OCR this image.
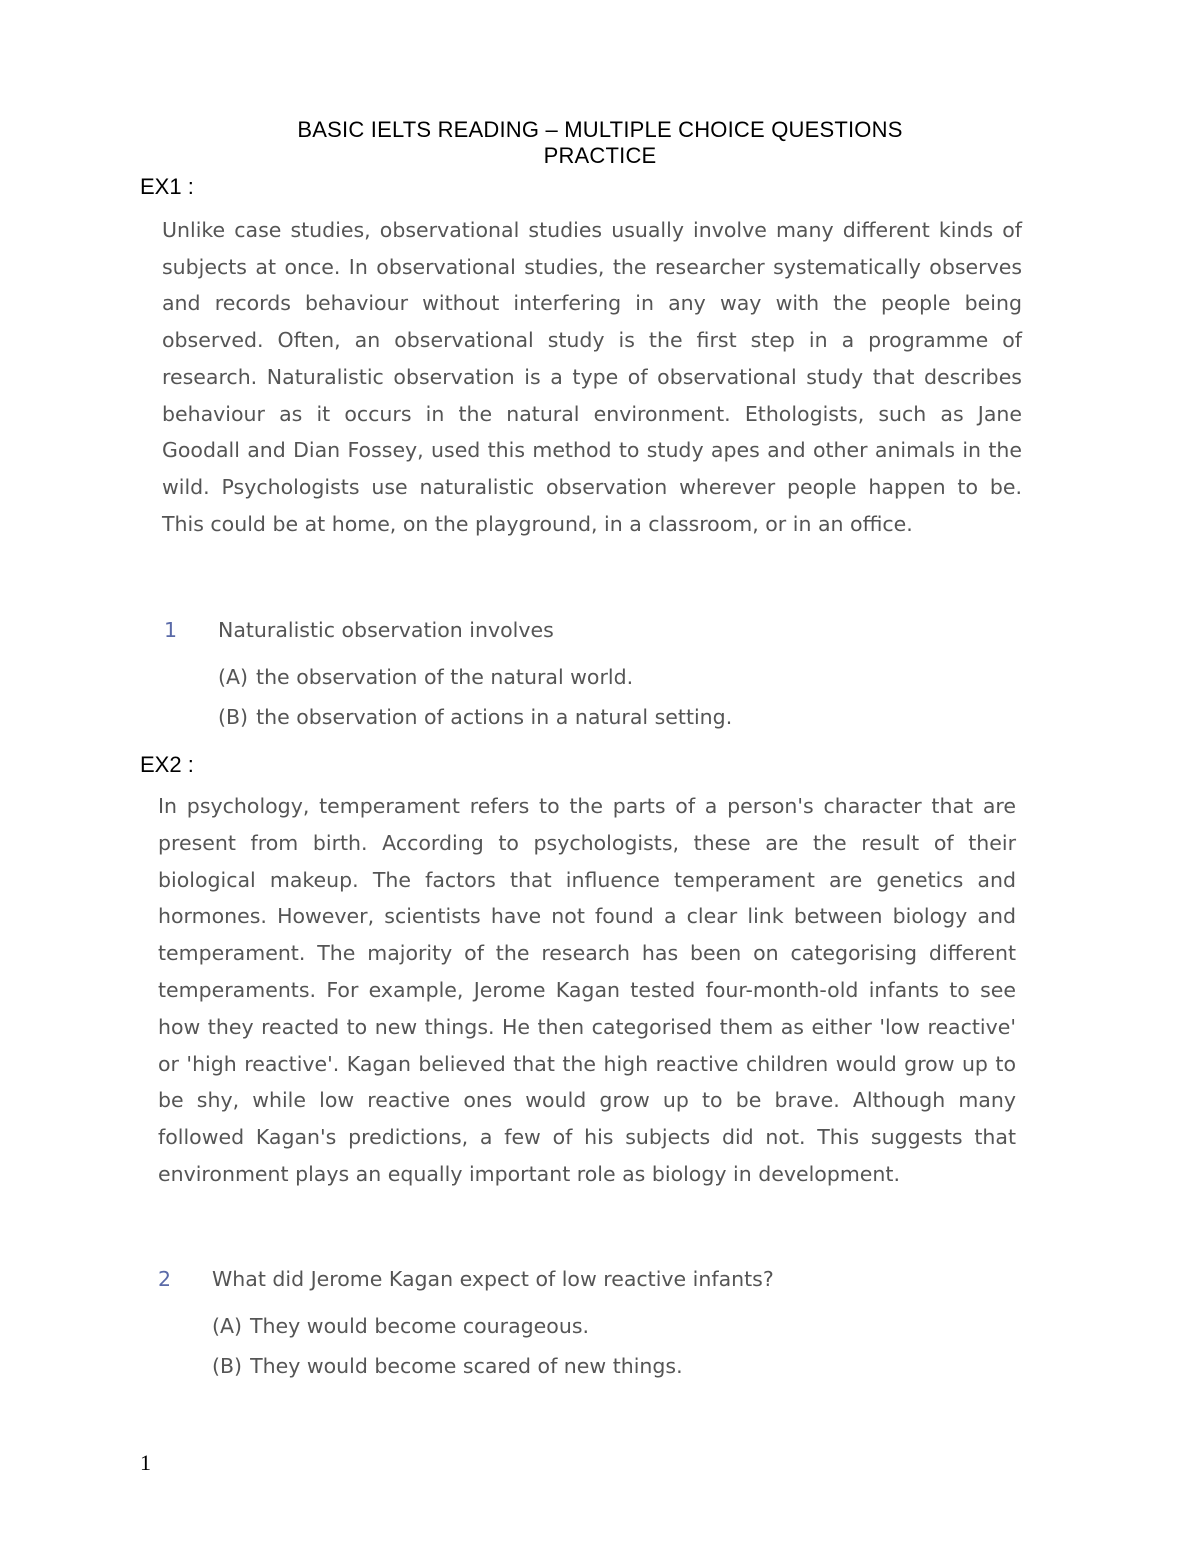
BASIC IELTS READING – MULTIPLE CHOICE QUESTIONS
PRACTICE
EX1 :
Unlike case studies, observational studies usually involve many different kinds of subjects at once. In observational studies, the researcher systematically observes and records behaviour without interfering in any way with the people being observed. Often, an observational study is the first step in a programme of research. Naturalistic observation is a type of observational study that describes behaviour as it occurs in the natural environment. Ethologists, such as Jane Goodall and Dian Fossey, used this method to study apes and other animals in the wild. Psychologists use naturalistic observation wherever people happen to be. This could be at home, on the playground, in a classroom, or in an office.
1 Naturalistic observation involves
(A) the observation of the natural world.
(B) the observation of actions in a natural setting.
EX2 :
In psychology, temperament refers to the parts of a person's character that are present from birth. According to psychologists, these are the result of their biological makeup. The factors that influence temperament are genetics and hormones. However, scientists have not found a clear link between biology and temperament. The majority of the research has been on categorising different temperaments. For example, Jerome Kagan tested four-month-old infants to see how they reacted to new things. He then categorised them as either 'low reactive' or 'high reactive'. Kagan believed that the high reactive children would grow up to be shy, while low reactive ones would grow up to be brave. Although many followed Kagan's predictions, a few of his subjects did not. This suggests that environment plays an equally important role as biology in development.
2 What did Jerome Kagan expect of low reactive infants?
(A) They would become courageous.
(B) They would become scared of new things.
1
